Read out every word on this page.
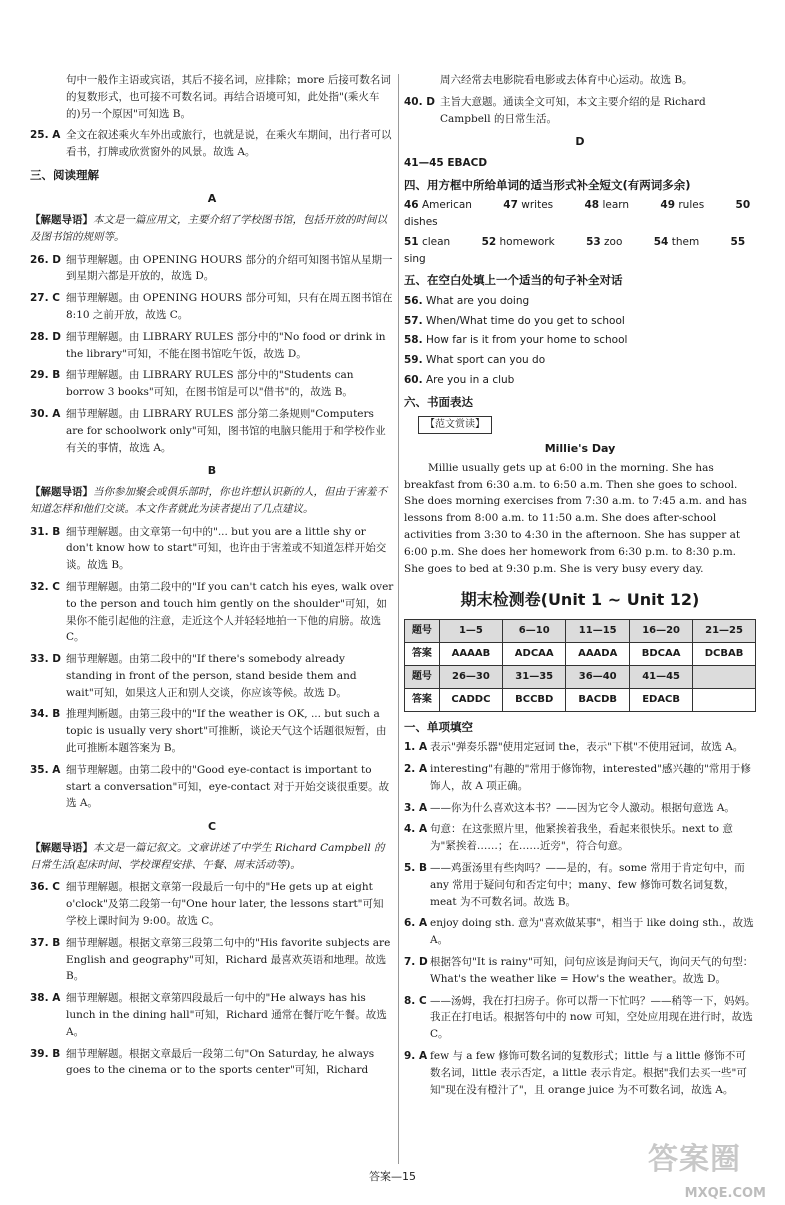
句中一般作主语或宾语，其后不接名词，应排除；more 后接可数名词的复数形式，也可接不可数名词。再结合语境可知，此处指"(乘火车的)另一个原因"可知选 B。
25. A 全文在叙述乘火车外出或旅行，也就是说，在乘火车期间，出行者可以看书，打牌或欣赏窗外的风景。故选 A。
三、阅读理解
A
【解题导语】本文是一篇应用文，主要介绍了学校图书馆，包括开放的时间以及图书馆的规则等。
26. D 细节理解题。由 OPENING HOURS 部分的介绍可知图书馆从星期一到星期六都是开放的，故选 D。
27. C 细节理解题。由 OPENING HOURS 部分可知，只有在周五图书馆在 8:10 之前开放，故选 C。
28. D 细节理解题。由 LIBRARY RULES 部分中的"No food or drink in the library"可知，不能在图书馆吃午饭，故选 D。
29. B 细节理解题。由 LIBRARY RULES 部分中的"Students can borrow 3 books"可知，在图书馆是可以"借书"的，故选 B。
30. A 细节理解题。由 LIBRARY RULES 部分第二条规则"Computers are for schoolwork only"可知，图书馆的电脑只能用于和学校作业有关的事情，故选 A。
B
【解题导语】当你参加聚会或俱乐部时，你也许想认识新的人，但由于害羞不知道怎样和他们交谈。本文作者就此为读者提出了几点建议。
31. B 细节理解题。由文章第一句中的"... but you are a little shy or don't know how to start"可知，也许由于害羞或不知道怎样开始交谈。故选 B。
32. C 细节理解题。由第二段中的"If you can't catch his eyes, walk over to the person and touch him gently on the shoulder"可知，如果你不能引起他的注意，走近这个人并轻轻地拍一下他的肩膀。故选 C。
33. D 细节理解题。由第二段中的"If there's somebody already standing in front of the person, stand beside them and wait"可知，如果这人正和别人交谈，你应该等候。故选 D。
34. B 推理判断题。由第三段中的"If the weather is OK, ... but such a topic is usually very short"可推断，谈论天气这个话题很短暂，由此可推断本题答案为 B。
35. A 细节理解题。由第二段中的"Good eye-contact is important to start a conversation"可知，eye-contact 对于开始交谈很重要。故选 A。
C
【解题导语】本文是一篇记叙文。文章讲述了中学生 Richard Campbell 的日常生活(起床时间、学校课程安排、午餐、周末活动等)。
36. C 细节理解题。根据文章第一段最后一句中的"He gets up at eight o'clock"及第二段第一句"One hour later, the lessons start"可知学校上课时间为 9:00。故选 C。
37. B 细节理解题。根据文章第三段第二句中的"His favorite subjects are English and geography"可知，Richard 最喜欢英语和地理。故选 B。
38. A 细节理解题。根据文章第四段最后一句中的"He always has his lunch in the dining hall"可知，Richard 通常在餐厅吃午餐。故选 A。
39. B 细节理解题。根据文章最后一段第二句"On Saturday, he always goes to the cinema or to the sports center"可知，Richard
周六经常去电影院看电影或去体育中心运动。故选 B。
40. D 主旨大意题。通读全文可知，本文主要介绍的是 Richard Campbell 的日常生活。
D
41—45 EBACD
四、用方框中所给单词的适当形式补全短文(有两词多余)
46 American	47 writes	48 learn	49 rules	50 dishes
51 clean	52 homework	53 zoo	54 them	55 sing
五、在空白处填上一个适当的句子补全对话
56. What are you doing
57. When/What time do you get to school
58. How far is it from your home to school
59. What sport can you do
60. Are you in a club
六、书面表达
【范文赏读】
Millie's Day
Millie usually gets up at 6:00 in the morning. She has breakfast from 6:30 a.m. to 6:50 a.m. Then she goes to school. She does morning exercises from 7:30 a.m. to 7:45 a.m. and has lessons from 8:00 a.m. to 11:50 a.m. She does after-school activities from 3:30 to 4:30 in the afternoon. She has supper at 6:00 p.m. She does her homework from 6:30 p.m. to 8:30 p.m. She goes to bed at 9:30 p.m. She is very busy every day.
期末检测卷(Unit 1 ~ Unit 12)
题号	1—5	6—10	11—15	16—20	21—25
答案	AAAAB	ADCAA	AAADA	BDCAA	DCBAB
题号	26—30	31—35	36—40	41—45	
答案	CADDC	BCCBD	BACDB	EDACB	
一、单项填空
1. A 表示"弹奏乐器"使用定冠词 the，表示"下棋"不使用冠词，故选 A。
2. A interesting"有趣的"常用于修饰物，interested"感兴趣的"常用于修饰人，故 A 项正确。
3. A ——你为什么喜欢这本书？——因为它令人激动。根据句意选 A。
4. A 句意：在这张照片里，他紧挨着我坐，看起来很快乐。next to 意为"紧挨着……；在……近旁"，符合句意。
5. B ——鸡蛋汤里有些肉吗？——是的，有。some 常用于肯定句中，而 any 常用于疑问句和否定句中；many、few 修饰可数名词复数，meat 为不可数名词。故选 B。
6. A enjoy doing sth. 意为"喜欢做某事"，相当于 like doing sth.，故选 A。
7. D 根据答句"It is rainy"可知，问句应该是询问天气，询问天气的句型：What's the weather like = How's the weather。故选 D。
8. C ——汤姆，我在打扫房子。你可以帮一下忙吗？——稍等一下，妈妈。我正在打电话。根据答句中的 now 可知，空处应用现在进行时，故选 C。
9. A few 与 a few 修饰可数名词的复数形式；little 与 a little 修饰不可数名词，little 表示否定，a little 表示肯定。根据"我们去买一些"可知"现在没有橙汁了"，且 orange juice 为不可数名词，故选 A。
答案—15	答案圈
MXQE.COM
